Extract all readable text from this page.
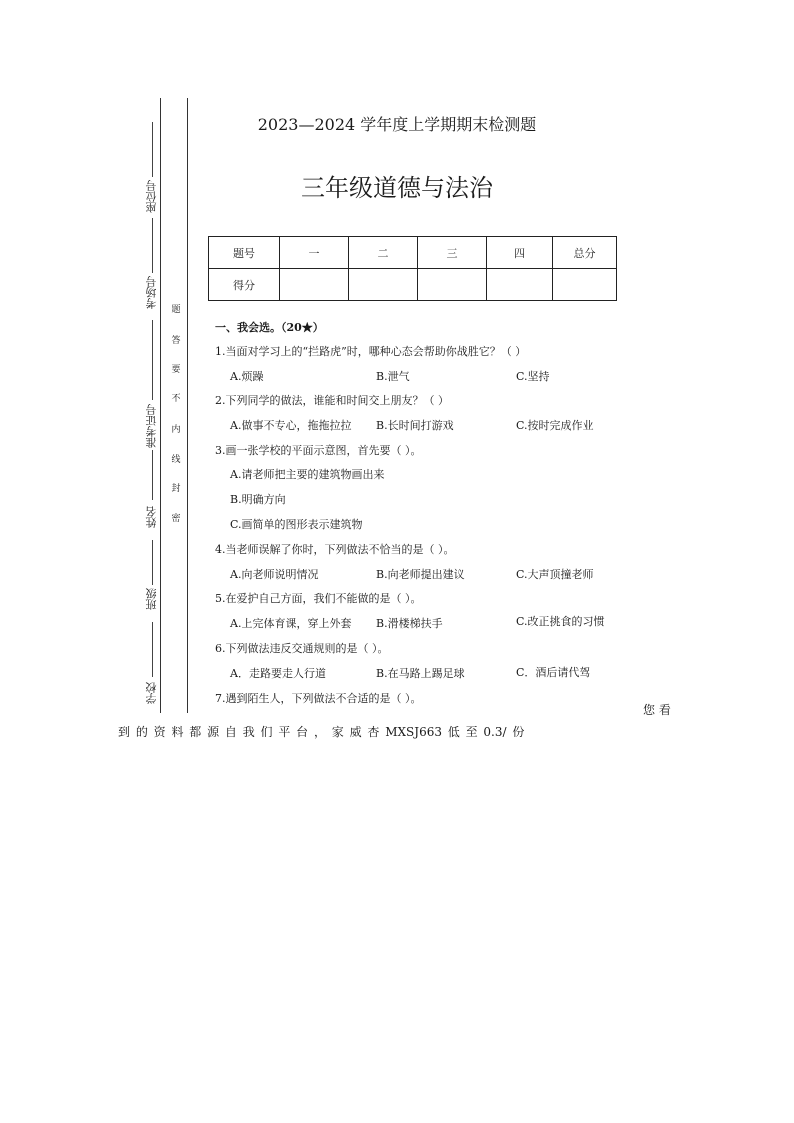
座位号
考场号
准考证号
姓名
班级
学校
题
答
要
不
内
线
封
密
2023—2024 学年度上学期期末检测题
三年级道德与法治
题号	一	二	三	四	总分
得分					
一、我会选。（20★）
1.当面对学习上的“拦路虎”时，哪种心态会帮助你战胜它？（ ）
A.烦躁	B.泄气	C.坚持
2.下列同学的做法，谁能和时间交上朋友？（ ）
A.做事不专心，拖拖拉拉 B.长时间打游戏	C.按时完成作业
3.画一张学校的平面示意图，首先要（ ）。
A.请老师把主要的建筑物画出来
B.明确方向
C.画简单的图形表示建筑物
4.当老师误解了你时，下列做法不恰当的是（ ）。
A.向老师说明情况	B.向老师提出建议	C.大声顶撞老师
5.在爱护自己方面，我们不能做的是（ ）。
A.上完体育课，穿上外套 B.滑楼梯扶手	C.改正挑食的习惯
6.下列做法违反交通规则的是（ ）。
A．走路要走人行道	B.在马路上踢足球	C．酒后请代驾
7.遇到陌生人，下列做法不合适的是（ ）。
您 看
到 的 资 料 都 源 自 我 们 平 台 ， 家 威 杏 MXSJ663 低 至 0.3/ 份
